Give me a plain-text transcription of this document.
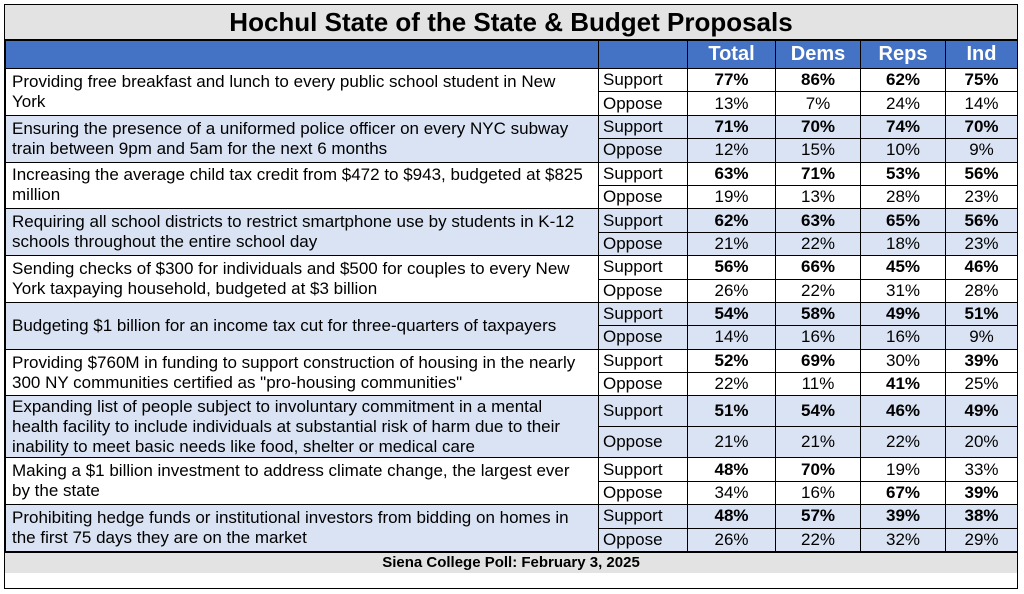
Hochul State of the State & Budget Proposals
		Total	Dems	Reps	Ind
Providing free breakfast and lunch to every public school student in New York	Support	77%	86%	62%	75%
	Oppose	13%	7%	24%	14%
Ensuring the presence of a uniformed police officer on every NYC subway train between 9pm and 5am for the next 6 months	Support	71%	70%	74%	70%
	Oppose	12%	15%	10%	9%
Increasing the average child tax credit from $472 to $943, budgeted at $825 million	Support	63%	71%	53%	56%
	Oppose	19%	13%	28%	23%
Requiring all school districts to restrict smartphone use by students in K-12 schools throughout the entire school day	Support	62%	63%	65%	56%
	Oppose	21%	22%	18%	23%
Sending checks of $300 for individuals and $500 for couples to every New York taxpaying household, budgeted at $3 billion	Support	56%	66%	45%	46%
	Oppose	26%	22%	31%	28%
Budgeting $1 billion for an income tax cut for three-quarters of taxpayers	Support	54%	58%	49%	51%
	Oppose	14%	16%	16%	9%
Providing $760M in funding to support construction of housing in the nearly 300 NY communities certified as "pro-housing communities"	Support	52%	69%	30%	39%
	Oppose	22%	11%	41%	25%
Expanding list of people subject to involuntary commitment in a mental health facility to include individuals at substantial risk of harm due to their inability to meet basic needs like food, shelter or medical care	Support	51%	54%	46%	49%
	Oppose	21%	21%	22%	20%
Making a $1 billion investment to address climate change, the largest ever by the state	Support	48%	70%	19%	33%
	Oppose	34%	16%	67%	39%
Prohibiting hedge funds or institutional investors from bidding on homes in the first 75 days they are on the market	Support	48%	57%	39%	38%
	Oppose	26%	22%	32%	29%
Siena College Poll: February 3, 2025
